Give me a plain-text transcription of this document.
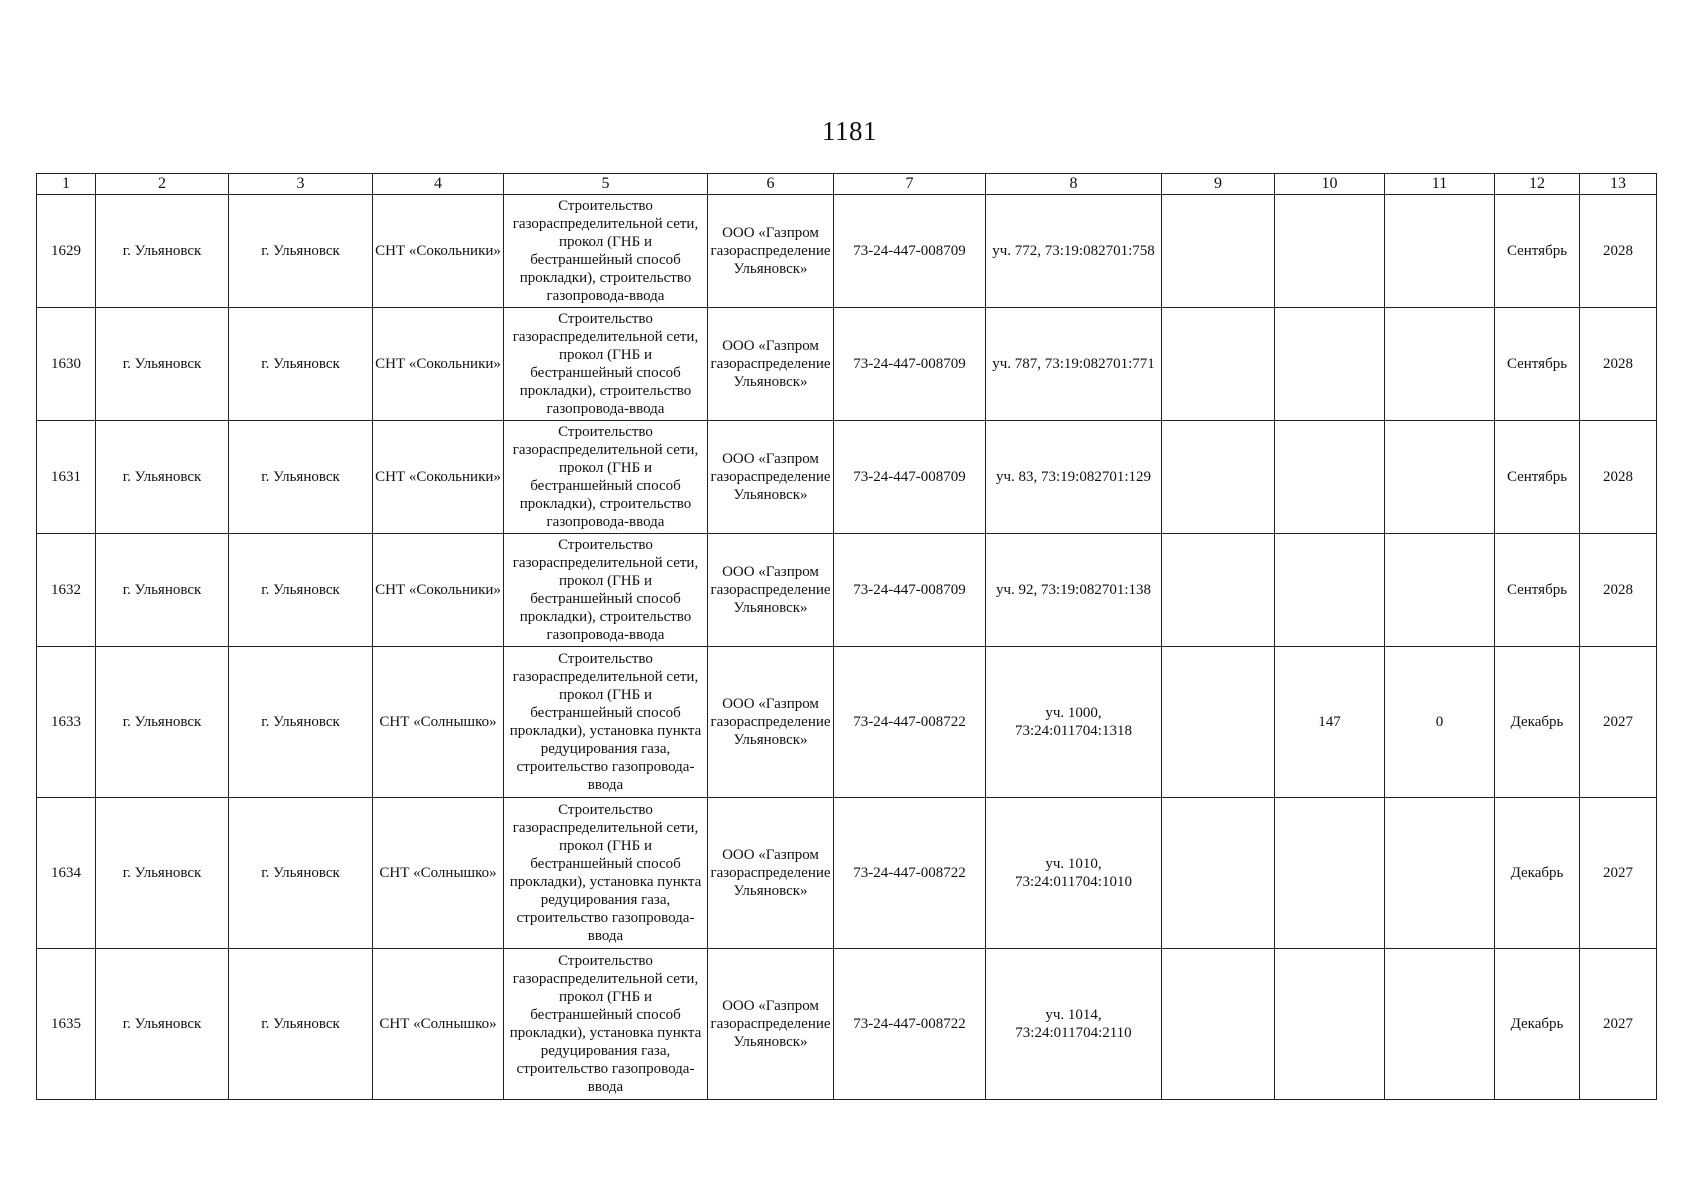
1181
1	2	3	4	5	6	7	8	9	10	11	12	13
1629	г. Ульяновск	г. Ульяновск	СНТ «Сокольники»	Строительство газораспределительной сети, прокол (ГНБ и бестраншейный способ прокладки), строительство газопровода-ввода	ООО «Газпром газораспределение Ульяновск»	73-24-447-008709	уч. 772, 73:19:082701:758				Сентябрь	2028
1630	г. Ульяновск	г. Ульяновск	СНТ «Сокольники»	Строительство газораспределительной сети, прокол (ГНБ и бестраншейный способ прокладки), строительство газопровода-ввода	ООО «Газпром газораспределение Ульяновск»	73-24-447-008709	уч. 787, 73:19:082701:771				Сентябрь	2028
1631	г. Ульяновск	г. Ульяновск	СНТ «Сокольники»	Строительство газораспределительной сети, прокол (ГНБ и бестраншейный способ прокладки), строительство газопровода-ввода	ООО «Газпром газораспределение Ульяновск»	73-24-447-008709	уч. 83, 73:19:082701:129				Сентябрь	2028
1632	г. Ульяновск	г. Ульяновск	СНТ «Сокольники»	Строительство газораспределительной сети, прокол (ГНБ и бестраншейный способ прокладки), строительство газопровода-ввода	ООО «Газпром газораспределение Ульяновск»	73-24-447-008709	уч. 92, 73:19:082701:138				Сентябрь	2028
1633	г. Ульяновск	г. Ульяновск	СНТ «Солнышко»	Строительство газораспределительной сети, прокол (ГНБ и бестраншейный способ прокладки), установка пункта редуцирования газа, строительство газопровода-ввода	ООО «Газпром газораспределение Ульяновск»	73-24-447-008722	уч. 1000, 73:24:011704:1318		147	0	Декабрь	2027
1634	г. Ульяновск	г. Ульяновск	СНТ «Солнышко»	Строительство газораспределительной сети, прокол (ГНБ и бестраншейный способ прокладки), установка пункта редуцирования газа, строительство газопровода-ввода	ООО «Газпром газораспределение Ульяновск»	73-24-447-008722	уч. 1010, 73:24:011704:1010				Декабрь	2027
1635	г. Ульяновск	г. Ульяновск	СНТ «Солнышко»	Строительство газораспределительной сети, прокол (ГНБ и бестраншейный способ прокладки), установка пункта редуцирования газа, строительство газопровода-ввода	ООО «Газпром газораспределение Ульяновск»	73-24-447-008722	уч. 1014, 73:24:011704:2110				Декабрь	2027
